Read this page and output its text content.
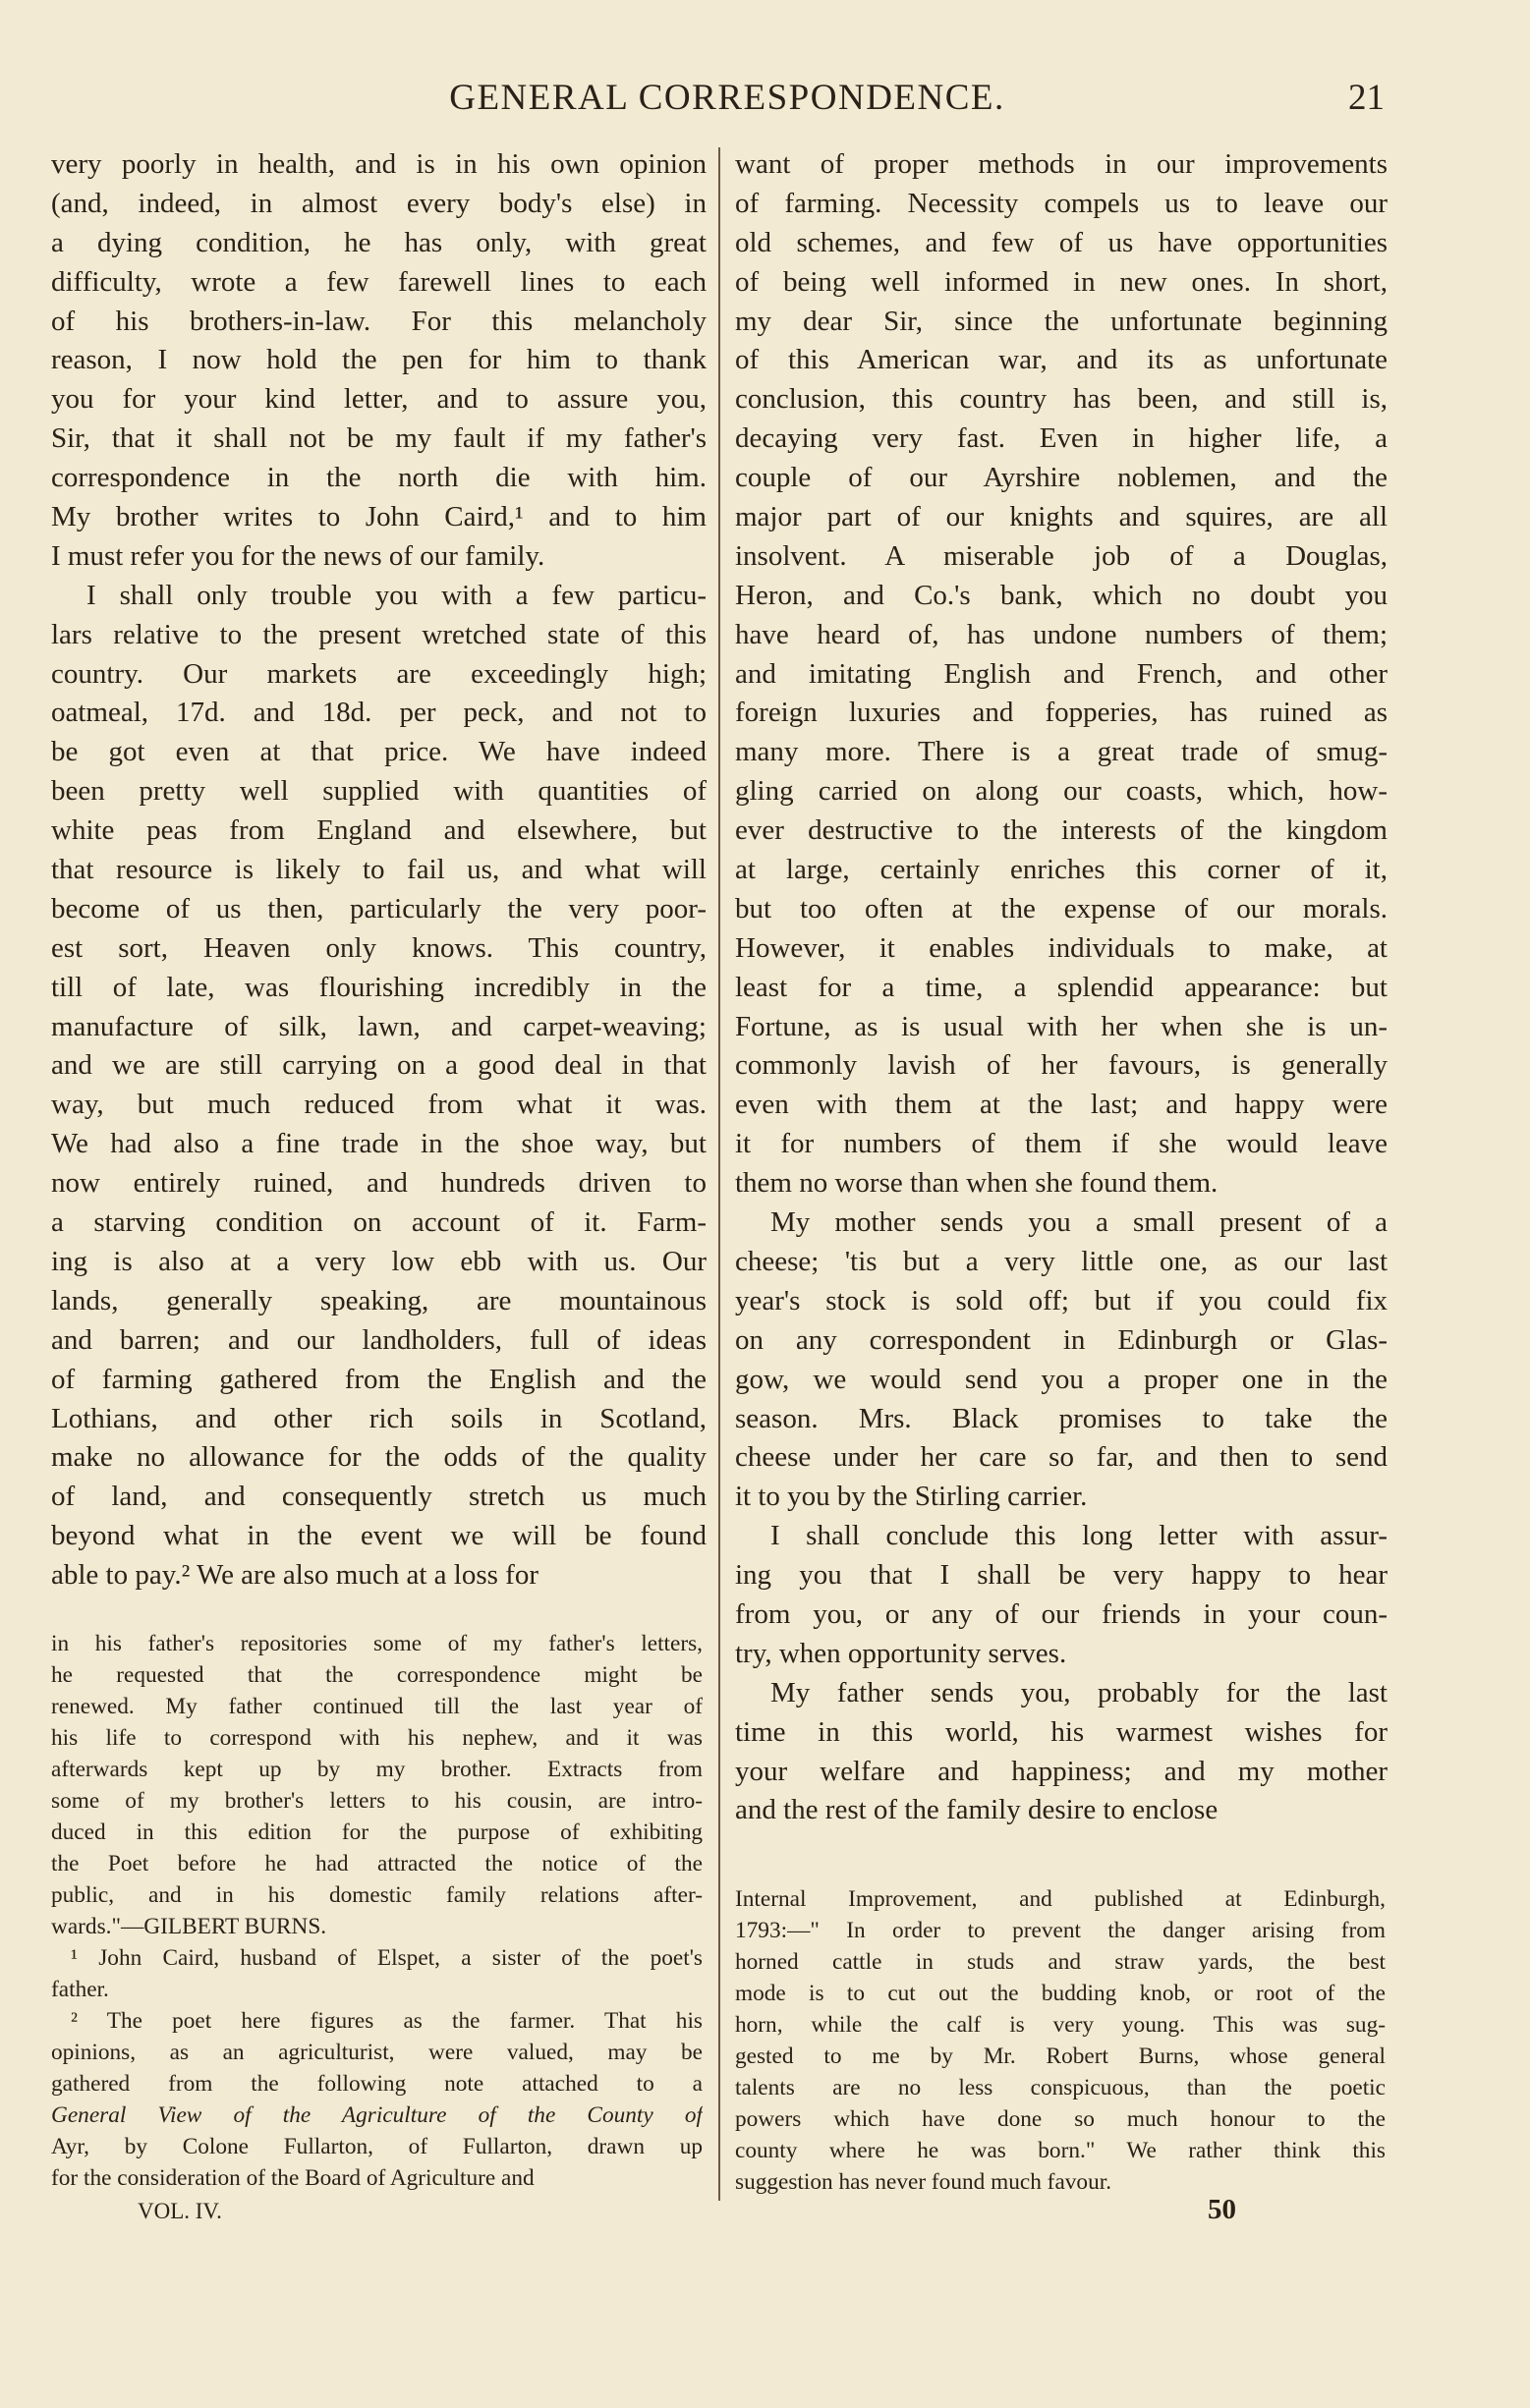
GENERAL CORRESPONDENCE.	21
very poorly in health, and is in his own opinion
(and, indeed, in almost every body's else) in
a dying condition, he has only, with great
difficulty, wrote a few farewell lines to each
of his brothers-in-law. For this melancholy
reason, I now hold the pen for him to thank
you for your kind letter, and to assure you,
Sir, that it shall not be my fault if my father's
correspondence in the north die with him.
My brother writes to John Caird,¹ and to him
I must refer you for the news of our family.
I shall only trouble you with a few particu-
lars relative to the present wretched state of this
country. Our markets are exceedingly high;
oatmeal, 17d. and 18d. per peck, and not to
be got even at that price. We have indeed
been pretty well supplied with quantities of
white peas from England and elsewhere, but
that resource is likely to fail us, and what will
become of us then, particularly the very poor-
est sort, Heaven only knows. This country,
till of late, was flourishing incredibly in the
manufacture of silk, lawn, and carpet-weaving;
and we are still carrying on a good deal in that
way, but much reduced from what it was.
We had also a fine trade in the shoe way, but
now entirely ruined, and hundreds driven to
a starving condition on account of it. Farm-
ing is also at a very low ebb with us. Our
lands, generally speaking, are mountainous
and barren; and our landholders, full of ideas
of farming gathered from the English and the
Lothians, and other rich soils in Scotland,
make no allowance for the odds of the quality
of land, and consequently stretch us much
beyond what in the event we will be found
able to pay.² We are also much at a loss for
in his father's repositories some of my father's letters,
he requested that the correspondence might be
renewed. My father continued till the last year of
his life to correspond with his nephew, and it was
afterwards kept up by my brother. Extracts from
some of my brother's letters to his cousin, are intro-
duced in this edition for the purpose of exhibiting
the Poet before he had attracted the notice of the
public, and in his domestic family relations after-
wards."—GILBERT BURNS.
¹ John Caird, husband of Elspet, a sister of the poet's
father.
² The poet here figures as the farmer. That his
opinions, as an agriculturist, were valued, may be
gathered from the following note attached to a
General View of the Agriculture of the County of
Ayr, by Colone Fullarton, of Fullarton, drawn up
for the consideration of the Board of Agriculture and
VOL. IV.
want of proper methods in our improvements
of farming. Necessity compels us to leave our
old schemes, and few of us have opportunities
of being well informed in new ones. In short,
my dear Sir, since the unfortunate beginning
of this American war, and its as unfortunate
conclusion, this country has been, and still is,
decaying very fast. Even in higher life, a
couple of our Ayrshire noblemen, and the
major part of our knights and squires, are all
insolvent. A miserable job of a Douglas,
Heron, and Co.'s bank, which no doubt you
have heard of, has undone numbers of them;
and imitating English and French, and other
foreign luxuries and fopperies, has ruined as
many more. There is a great trade of smug-
gling carried on along our coasts, which, how-
ever destructive to the interests of the kingdom
at large, certainly enriches this corner of it,
but too often at the expense of our morals.
However, it enables individuals to make, at
least for a time, a splendid appearance: but
Fortune, as is usual with her when she is un-
commonly lavish of her favours, is generally
even with them at the last; and happy were
it for numbers of them if she would leave
them no worse than when she found them.
My mother sends you a small present of a
cheese; 'tis but a very little one, as our last
year's stock is sold off; but if you could fix
on any correspondent in Edinburgh or Glas-
gow, we would send you a proper one in the
season. Mrs. Black promises to take the
cheese under her care so far, and then to send
it to you by the Stirling carrier.
I shall conclude this long letter with assur-
ing you that I shall be very happy to hear
from you, or any of our friends in your coun-
try, when opportunity serves.
My father sends you, probably for the last
time in this world, his warmest wishes for
your welfare and happiness; and my mother
and the rest of the family desire to enclose
Internal Improvement, and published at Edinburgh,
1793:—" In order to prevent the danger arising from
horned cattle in studs and straw yards, the best
mode is to cut out the budding knob, or root of the
horn, while the calf is very young. This was sug-
gested to me by Mr. Robert Burns, whose general
talents are no less conspicuous, than the poetic
powers which have done so much honour to the
county where he was born." We rather think this
suggestion has never found much favour.
50
